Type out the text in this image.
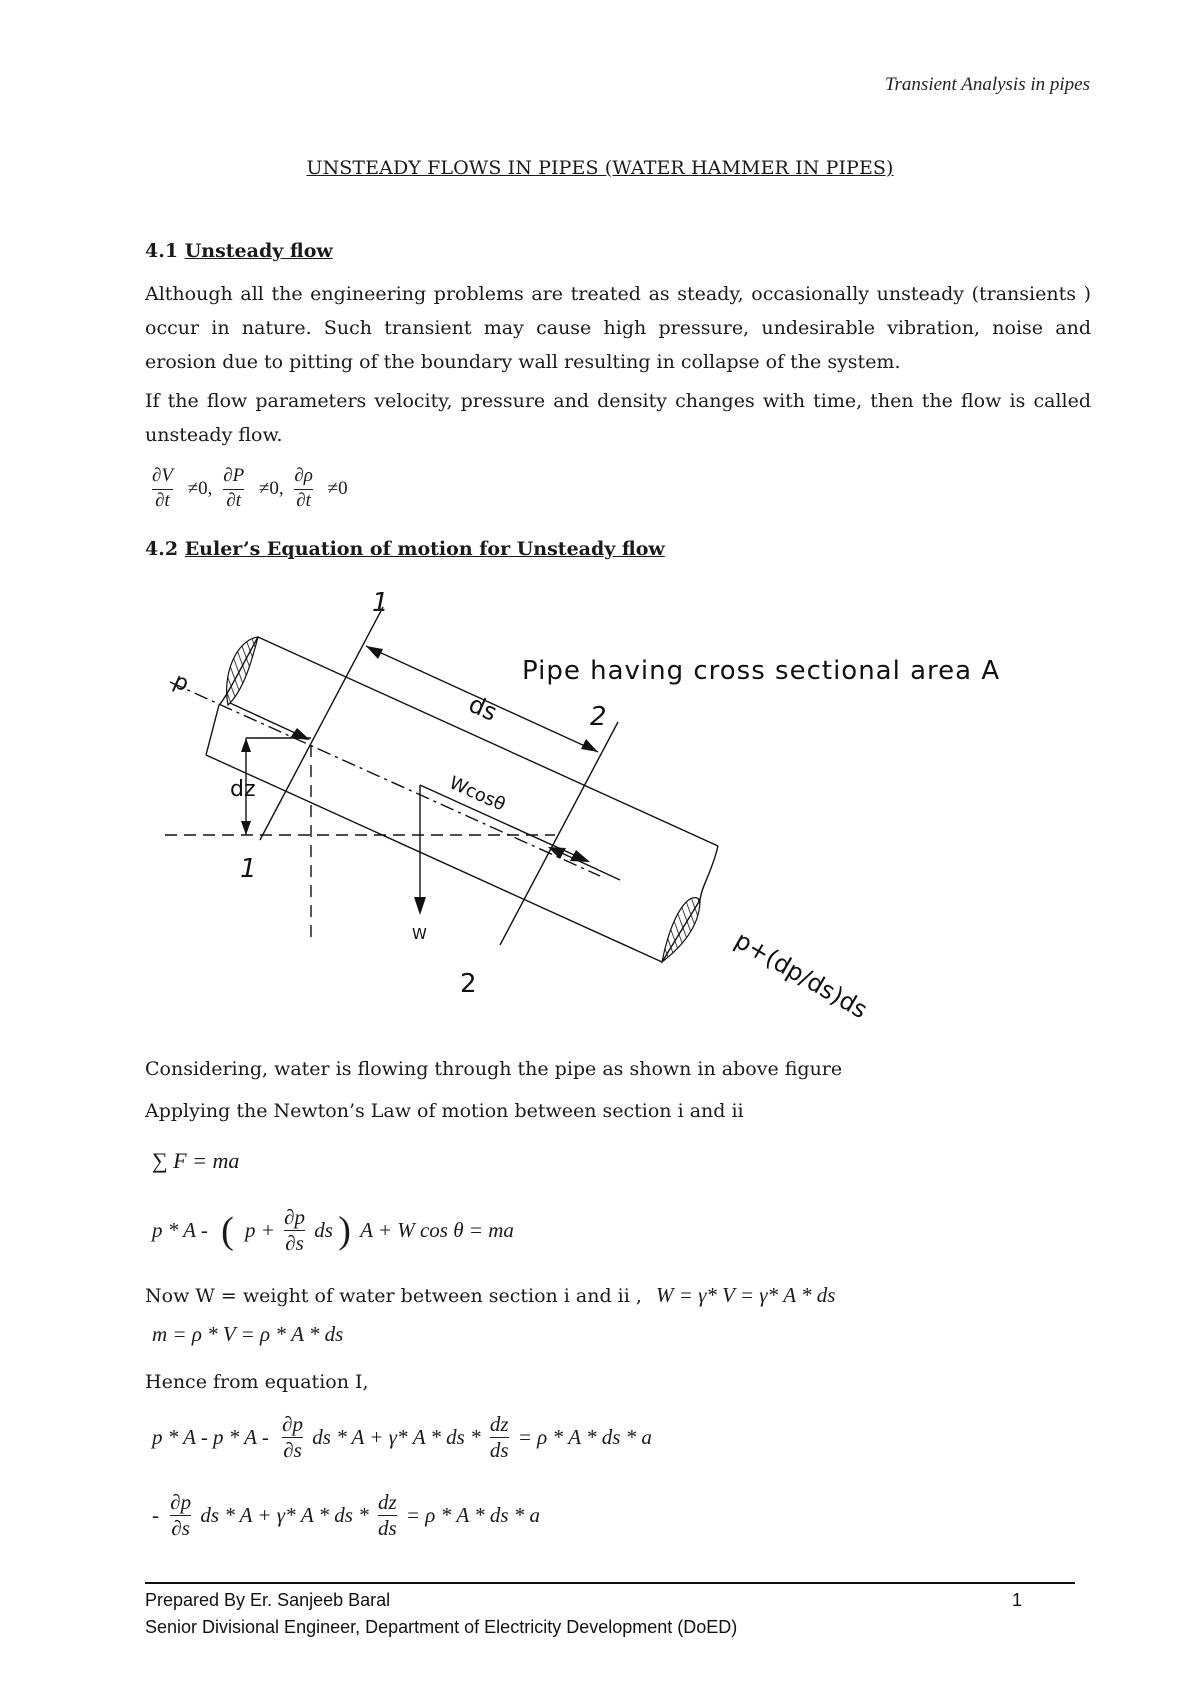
Transient Analysis in pipes
UNSTEADY FLOWS IN PIPES (WATER HAMMER IN PIPES)
4.1 Unsteady flow
Although all the engineering problems are treated as steady, occasionally unsteady (transients ) occur in nature. Such transient may cause high pressure, undesirable vibration, noise and erosion due to pitting of the boundary wall resulting in collapse of the system.
If the flow parameters velocity, pressure and density changes with time, then the flow is called unsteady flow.
$\frac{\partial V}{\partial t} \ne 0$, $\frac{\partial P}{\partial t} \ne 0$, $\frac{\partial\rho}{\partial t} \ne 0$
4.2 Euler’s Equation of motion for Unsteady flow
Pipe having cross sectional area A
p
ds
dz	Wcosθ
W	p+(dp/ds)ds
1
1
2
2
Considering, water is flowing through the pipe as shown in above figure
Applying the Newton’s Law of motion between section i and ii
∑ F = ma
p * A - ( $p + \frac{\partial p}{\partial s}$ ds ) A + W cos θ = ma
Now W = weight of water between section i and ii , W = γ* V = γ* A * ds
m = ρ * V = ρ * A * ds
Hence from equation I,
p * A - p * A - $\frac{\partial p}{\partial s}$ ds * A + γ* A * ds * $\frac{dz}{ds} = \rho * A$ * ds * a
- $\frac{\partial p}{\partial s}$ ds * A + γ* A * ds * $\frac{dz}{ds} = \rho * A$ * ds * a
Prepared By Er. Sanjeeb Baral	1
Senior Divisional Engineer, Department of Electricity Development (DoED)
